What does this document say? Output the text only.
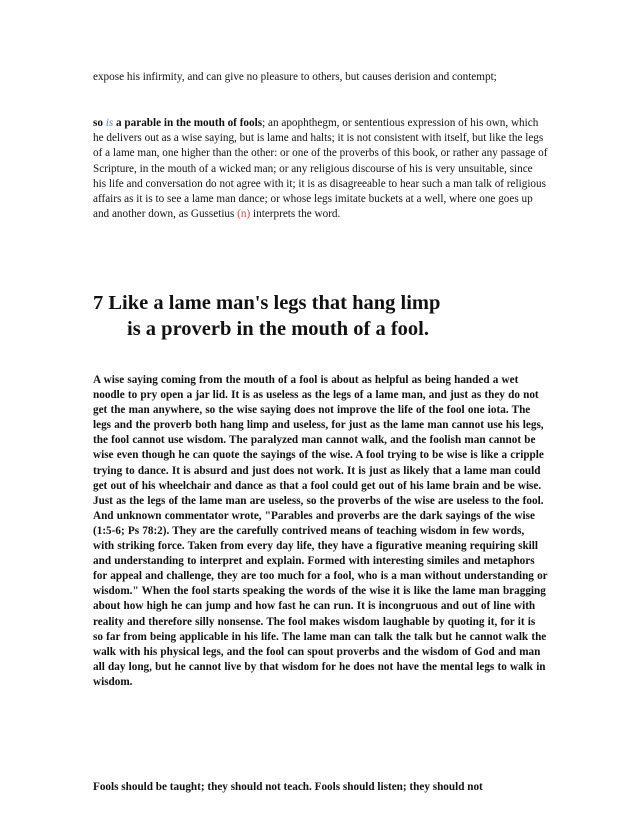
expose his infirmity, and can give no pleasure to others, but causes derision and contempt;

so is a parable in the mouth of fools; an apophthegm, or sententious expression of his own, which he delivers out as a wise saying, but is lame and halts; it is not consistent with itself, but like the legs of a lame man, one higher than the other: or one of the proverbs of this book, or rather any passage of Scripture, in the mouth of a wicked man; or any religious discourse of his is very unsuitable, since his life and conversation do not agree with it; it is as disagreeable to hear such a man talk of religious affairs as it is to see a lame man dance; or whose legs imitate buckets at a well, where one goes up and another down, as Gussetius (n) interprets the word.

7 Like a lame man's legs that hang limp
is a proverb in the mouth of a fool.

A wise saying coming from the mouth of a fool is about as helpful as being handed a wet noodle to pry open a jar lid. It is as useless as the legs of a lame man, and just as they do not get the man anywhere, so the wise saying does not improve the life of the fool one iota. The legs and the proverb both hang limp and useless, for just as the lame man cannot use his legs, the fool cannot use wisdom. The paralyzed man cannot walk, and the foolish man cannot be wise even though he can quote the sayings of the wise. A fool trying to be wise is like a cripple trying to dance. It is absurd and just does not work. It is just as likely that a lame man could get out of his wheelchair and dance as that a fool could get out of his lame brain and be wise. Just as the legs of the lame man are useless, so the proverbs of the wise are useless to the fool. And unknown commentator wrote, "Parables and proverbs are the dark sayings of the wise (1:5-6; Ps 78:2). They are the carefully contrived means of teaching wisdom in few words, with striking force. Taken from every day life, they have a figurative meaning requiring skill and understanding to interpret and explain. Formed with interesting similes and metaphors for appeal and challenge, they are too much for a fool, who is a man without understanding or wisdom." When the fool starts speaking the words of the wise it is like the lame man bragging about how high he can jump and how fast he can run. It is incongruous and out of line with reality and therefore silly nonsense. The fool makes wisdom laughable by quoting it, for it is so far from being applicable in his life. The lame man can talk the talk but he cannot walk the walk with his physical legs, and the fool can spout proverbs and the wisdom of God and man all day long, but he cannot live by that wisdom for he does not have the mental legs to walk in wisdom.

Fools should be taught; they should not teach. Fools should listen; they should not
